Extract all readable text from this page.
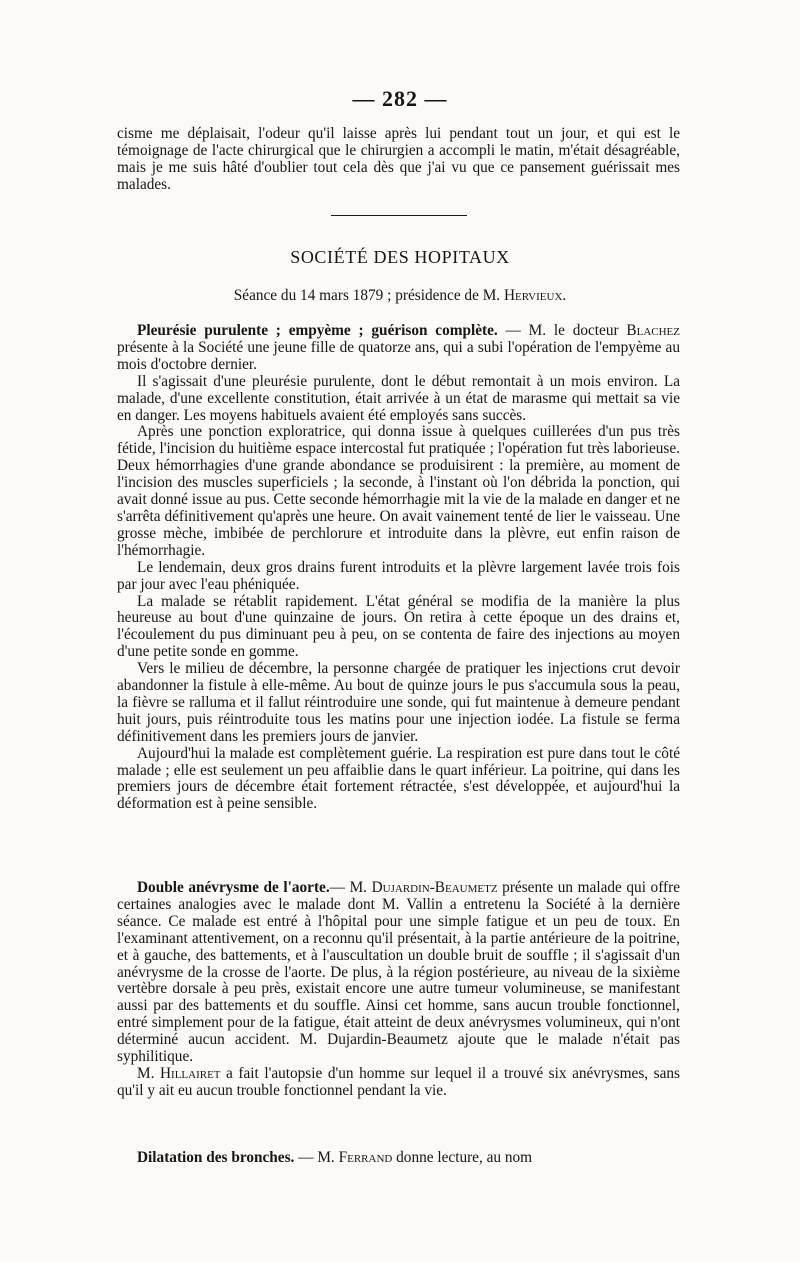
— 282 —

cisme me déplaisait, l'odeur qu'il laisse après lui pendant tout un jour, et qui est le témoignage de l'acte chirurgical que le chirurgien a accompli le matin, m'était désagréable, mais je me suis hâté d'oublier tout cela dès que j'ai vu que ce pansement guérissait mes malades.

SOCIÉTÉ DES HOPITAUX
Séance du 14 mars 1879 ; présidence de M. Hervieux.

Pleurésie purulente ; empyème ; guérison complète. — M. le docteur Blachez présente à la Société une jeune fille de quatorze ans, qui a subi l'opération de l'empyème au mois d'octobre dernier.

Il s'agissait d'une pleurésie purulente, dont le début remontait à un mois environ. La malade, d'une excellente constitution, était arrivée à un état de marasme qui mettait sa vie en danger. Les moyens habituels avaient été employés sans succès.

Après une ponction exploratrice, qui donna issue à quelques cuillerées d'un pus très fétide, l'incision du huitième espace intercostal fut pratiquée ; l'opération fut très laborieuse. Deux hémorrhagies d'une grande abondance se produisirent : la première, au moment de l'incision des muscles superficiels ; la seconde, à l'instant où l'on débrida la ponction, qui avait donné issue au pus. Cette seconde hémorrhagie mit la vie de la malade en danger et ne s'arrêta définitivement qu'après une heure. On avait vainement tenté de lier le vaisseau. Une grosse mèche, imbibée de perchlorure et introduite dans la plèvre, eut enfin raison de l'hémorrhagie.

Le lendemain, deux gros drains furent introduits et la plèvre largement lavée trois fois par jour avec l'eau phéniquée.

La malade se rétablit rapidement. L'état général se modifia de la manière la plus heureuse au bout d'une quinzaine de jours. On retira à cette époque un des drains et, l'écoulement du pus diminuant peu à peu, on se contenta de faire des injections au moyen d'une petite sonde en gomme.

Vers le milieu de décembre, la personne chargée de pratiquer les injections crut devoir abandonner la fistule à elle-même. Au bout de quinze jours le pus s'accumula sous la peau, la fièvre se ralluma et il fallut réintroduire une sonde, qui fut maintenue à demeure pendant huit jours, puis réintroduite tous les matins pour une injection iodée. La fistule se ferma définitivement dans les premiers jours de janvier.

Aujourd'hui la malade est complètement guérie. La respiration est pure dans tout le côté malade ; elle est seulement un peu affaiblie dans le quart inférieur. La poitrine, qui dans les premiers jours de décembre était fortement rétractée, s'est développée, et aujourd'hui la déformation est à peine sensible.

Double anévrysme de l'aorte.— M. Dujardin-Beaumetz présente un malade qui offre certaines analogies avec le malade dont M. Vallin a entretenu la Société à la dernière séance. Ce malade est entré à l'hôpital pour une simple fatigue et un peu de toux. En l'examinant attentivement, on a reconnu qu'il présentait, à la partie antérieure de la poitrine, et à gauche, des battements, et à l'auscultation un double bruit de souffle ; il s'agissait d'un anévrysme de la crosse de l'aorte. De plus, à la région postérieure, au niveau de la sixième vertèbre dorsale à peu près, existait encore une autre tumeur volumineuse, se manifestant aussi par des battements et du souffle. Ainsi cet homme, sans aucun trouble fonctionnel, entré simplement pour de la fatigue, était atteint de deux anévrysmes volumineux, qui n'ont déterminé aucun accident. M. Dujardin-Beaumetz ajoute que le malade n'était pas syphilitique.

M. Hillairet a fait l'autopsie d'un homme sur lequel il a trouvé six anévrysmes, sans qu'il y ait eu aucun trouble fonctionnel pendant la vie.

Dilatation des bronches. — M. Ferrand donne lecture, au nom
